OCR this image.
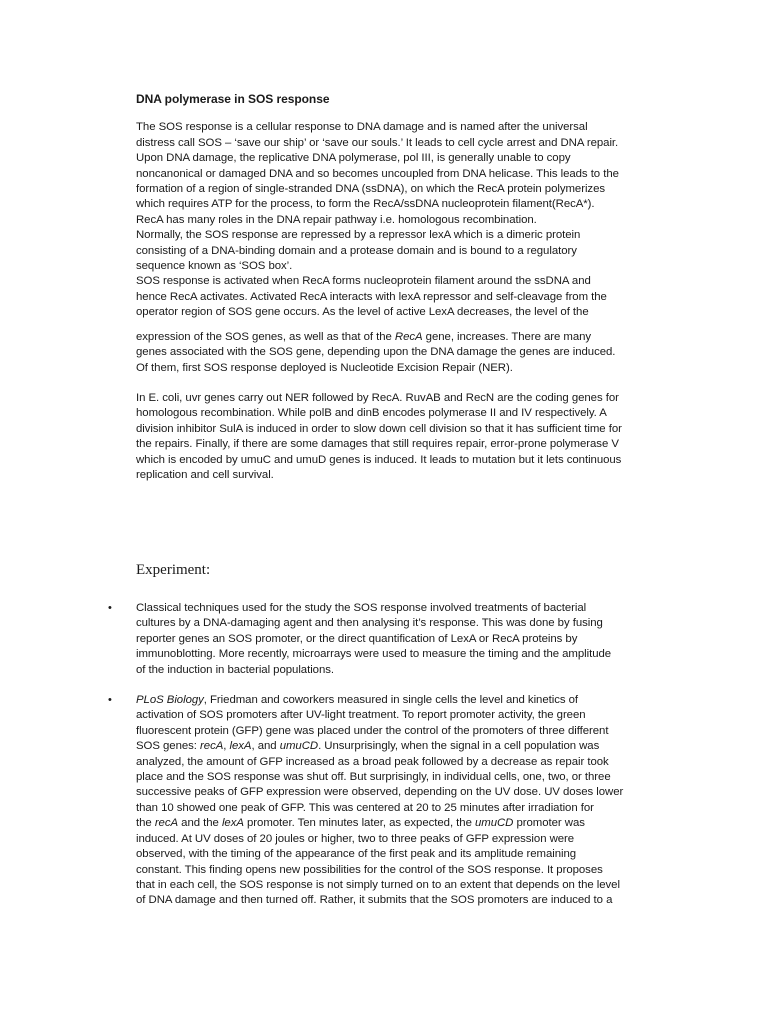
DNA polymerase in SOS response
The SOS response is a cellular response to DNA damage and is named after the universal
distress call SOS – ‘save our ship’ or ‘save our souls.’ It leads to cell cycle arrest and DNA repair.
Upon DNA damage, the replicative DNA polymerase, pol III, is generally unable to copy
noncanonical or damaged DNA and so becomes uncoupled from DNA helicase. This leads to the
formation of a region of single-stranded DNA (ssDNA), on which the RecA protein polymerizes
which requires ATP for the process, to form the RecA/ssDNA nucleoprotein filament(RecA*).
RecA has many roles in the DNA repair pathway i.e. homologous recombination.
Normally, the SOS response are repressed by a repressor lexA which is a dimeric protein
consisting of a DNA-binding domain and a protease domain and is bound to a regulatory
sequence known as ‘SOS box’.
SOS response is activated when RecA forms nucleoprotein filament around the ssDNA and
hence RecA activates. Activated RecA interacts with lexA repressor and self-cleavage from the
operator region of SOS gene occurs. As the level of active LexA decreases, the level of the
expression of the SOS genes, as well as that of the RecA gene, increases. There are many
genes associated with the SOS gene, depending upon the DNA damage the genes are induced.
Of them, first SOS response deployed is Nucleotide Excision Repair (NER).
In E. coli, uvr genes carry out NER followed by RecA. RuvAB and RecN are the coding genes for
homologous recombination. While polB and dinB encodes polymerase II and IV respectively. A
division inhibitor SulA is induced in order to slow down cell division so that it has sufficient time for
the repairs. Finally, if there are some damages that still requires repair, error-prone polymerase V
which is encoded by umuC and umuD genes is induced. It leads to mutation but it lets continuous
replication and cell survival.
Experiment:
•	Classical techniques used for the study the SOS response involved treatments of bacterial
cultures by a DNA-damaging agent and then analysing it’s response. This was done by fusing
reporter genes an SOS promoter, or the direct quantification of LexA or RecA proteins by
immunoblotting. More recently, microarrays were used to measure the timing and the amplitude
of the induction in bacterial populations.
•	PLoS Biology, Friedman and coworkers measured in single cells the level and kinetics of
activation of SOS promoters after UV-light treatment. To report promoter activity, the green
fluorescent protein (GFP) gene was placed under the control of the promoters of three different
SOS genes: recA, lexA, and umuCD. Unsurprisingly, when the signal in a cell population was
analyzed, the amount of GFP increased as a broad peak followed by a decrease as repair took
place and the SOS response was shut off. But surprisingly, in individual cells, one, two, or three
successive peaks of GFP expression were observed, depending on the UV dose. UV doses lower
than 10 showed one peak of GFP. This was centered at 20 to 25 minutes after irradiation for
the recA and the lexA promoter. Ten minutes later, as expected, the umuCD promoter was
induced. At UV doses of 20 joules or higher, two to three peaks of GFP expression were
observed, with the timing of the appearance of the first peak and its amplitude remaining
constant. This finding opens new possibilities for the control of the SOS response. It proposes
that in each cell, the SOS response is not simply turned on to an extent that depends on the level
of DNA damage and then turned off. Rather, it submits that the SOS promoters are induced to a
